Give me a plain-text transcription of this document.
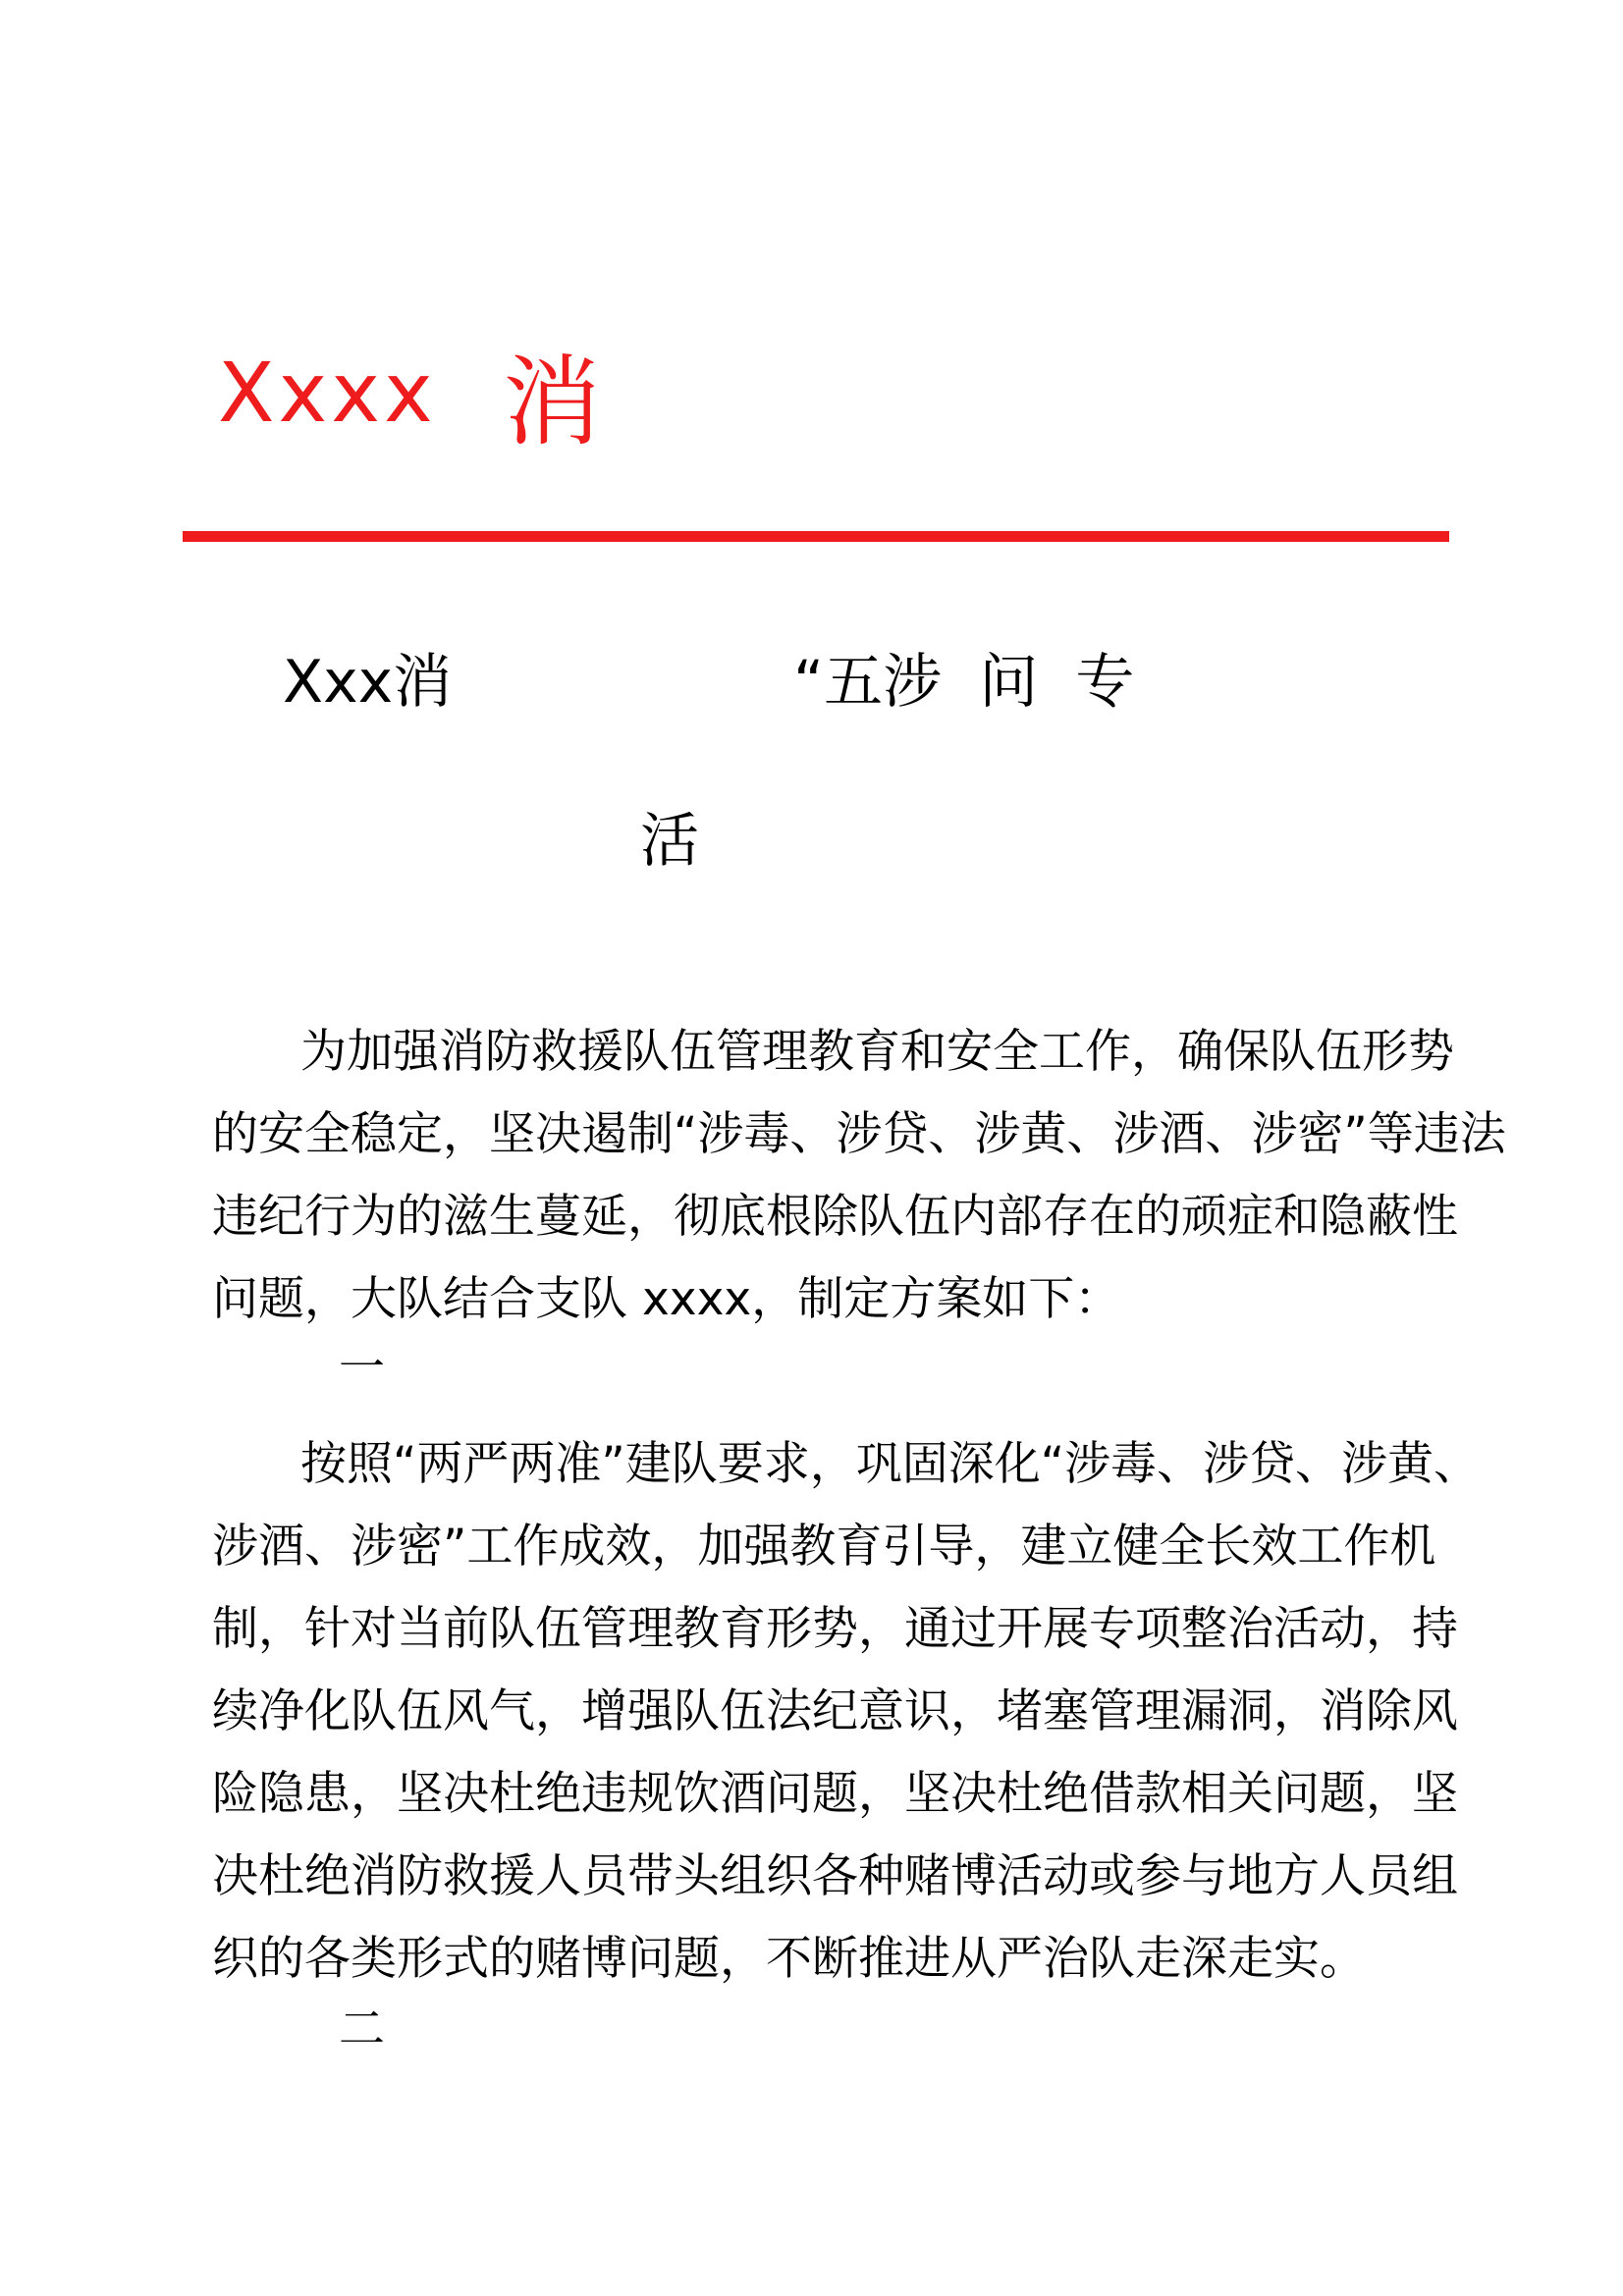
Xxxx 消
Xxx消	“五涉  问  专
活
为加强消防救援队伍管理教育和安全工作，确保队伍形势
的安全稳定，坚决遏制“涉毒、涉贷、涉黄、涉酒、涉密”等违法
违纪行为的滋生蔓延，彻底根除队伍内部存在的顽症和隐蔽性
问题，大队结合支队 xxxx，制定方案如下：
一
按照“两严两准”建队要求，巩固深化“涉毒、涉贷、涉黄、
涉酒、涉密”工作成效，加强教育引导，建立健全长效工作机
制，针对当前队伍管理教育形势，通过开展专项整治活动，持
续净化队伍风气，增强队伍法纪意识，堵塞管理漏洞，消除风
险隐患，坚决杜绝违规饮酒问题，坚决杜绝借款相关问题，坚
决杜绝消防救援人员带头组织各种赌博活动或参与地方人员组
织的各类形式的赌博问题，不断推进从严治队走深走实。
二
